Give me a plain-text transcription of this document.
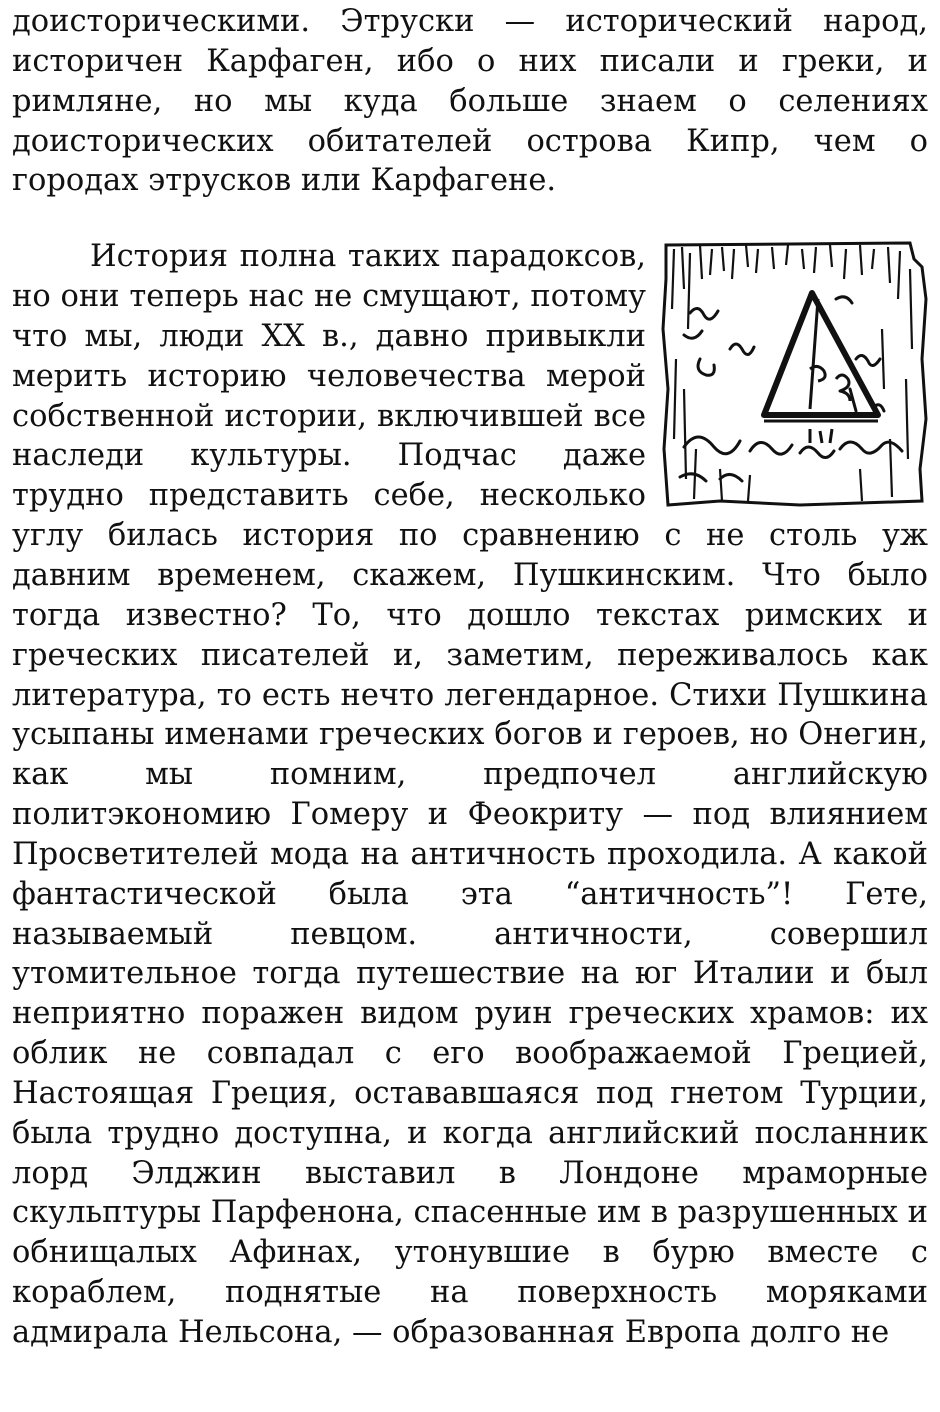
доисторическими. Этруски — исторический народ, историчен Карфаген, ибо о них писали и греки, и римляне, но мы куда больше знаем о селениях доисторических обитателей острова Кипр, чем о городах этрусков или Карфагене.

История полна таких парадоксов, но они теперь нас не смущают, потому что мы, люди XX в., давно привыкли мерить историю человечества мерой собственной истории, включившей все наследи культуры. Подчас даже трудно представить себе, несколько углу билась история по сравнению с не столь уж давним временем, скажем, Пушкинским. Что было тогда известно? То, что дошло текстах римских и греческих писателей и, заметим, переживалось как литература, то есть нечто легендарное. Стихи Пушкина усыпаны именами греческих богов и героев, но Онегин, как мы помним, предпочел английскую политэкономию Гомеру и Феокриту — под влиянием Просветителей мода на античность проходила. А какой фантастической была эта “античность”! Гете, называемый певцом. античности, совершил утомительное тогда путешествие на юг Италии и был неприятно поражен видом руин греческих храмов: их облик не совпадал с его воображаемой Грецией, Настоящая Греция, остававшаяся под гнетом Турции, была трудно доступна, и когда английский посланник лорд Элджин выставил в Лондоне мраморные скульптуры Парфенона, спасенные им в разрушенных и обнищалых Афинах, утонувшие в бурю вместе с кораблем, поднятые на поверхность моряками адмирала Нельсона, — образованная Европа долго не
